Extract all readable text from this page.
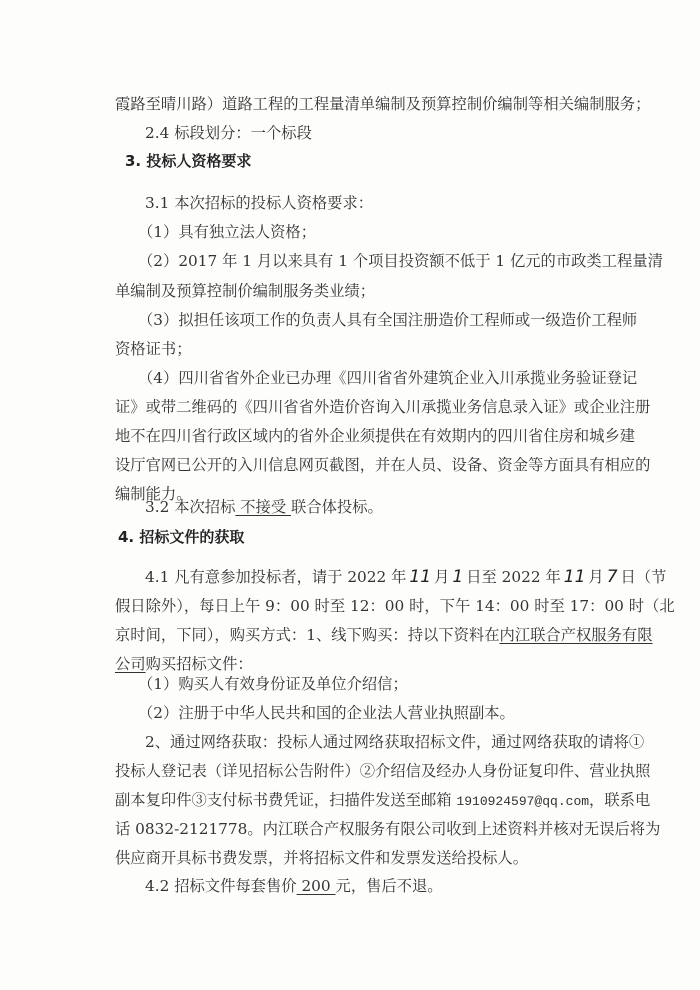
霞路至晴川路）道路工程的工程量清单编制及预算控制价编制等相关编制服务；
2.4 标段划分：一个标段
3. 投标人资格要求
3.1 本次招标的投标人资格要求：
（1）具有独立法人资格；
（2）2017 年 1 月以来具有 1 个项目投资额不低于 1 亿元的市政类工程量清
单编制及预算控制价编制服务类业绩；
（3）拟担任该项工作的负责人具有全国注册造价工程师或一级造价工程师
资格证书；
（4）四川省省外企业已办理《四川省省外建筑企业入川承揽业务验证登记
证》或带二维码的《四川省省外造价咨询入川承揽业务信息录入证》或企业注册
地不在四川省行政区域内的省外企业须提供在有效期内的四川省住房和城乡建
设厅官网已公开的入川信息网页截图，并在人员、设备、资金等方面具有相应的
编制能力。
3.2 本次招标 不接受 联合体投标。
4. 招标文件的获取
4.1 凡有意参加投标者，请于 2022 年 11 月 1 日至 2022 年 11 月 7 日（节
假日除外），每日上午 9：00 时至 12：00 时，下午 14：00 时至 17：00 时（北
京时间，下同），购买方式：1、线下购买：持以下资料在内江联合产权服务有限
公司购买招标文件：
（1）购买人有效身份证及单位介绍信；
（2）注册于中华人民共和国的企业法人营业执照副本。
2、通过网络获取：投标人通过网络获取招标文件，通过网络获取的请将①
投标人登记表（详见招标公告附件）②介绍信及经办人身份证复印件、营业执照
副本复印件③支付标书费凭证，扫描件发送至邮箱 1910924597@qq.com，联系电
话 0832-2121778。内江联合产权服务有限公司收到上述资料并核对无误后将为
供应商开具标书费发票，并将招标文件和发票发送给投标人。
4.2 招标文件每套售价 200 元，售后不退。
